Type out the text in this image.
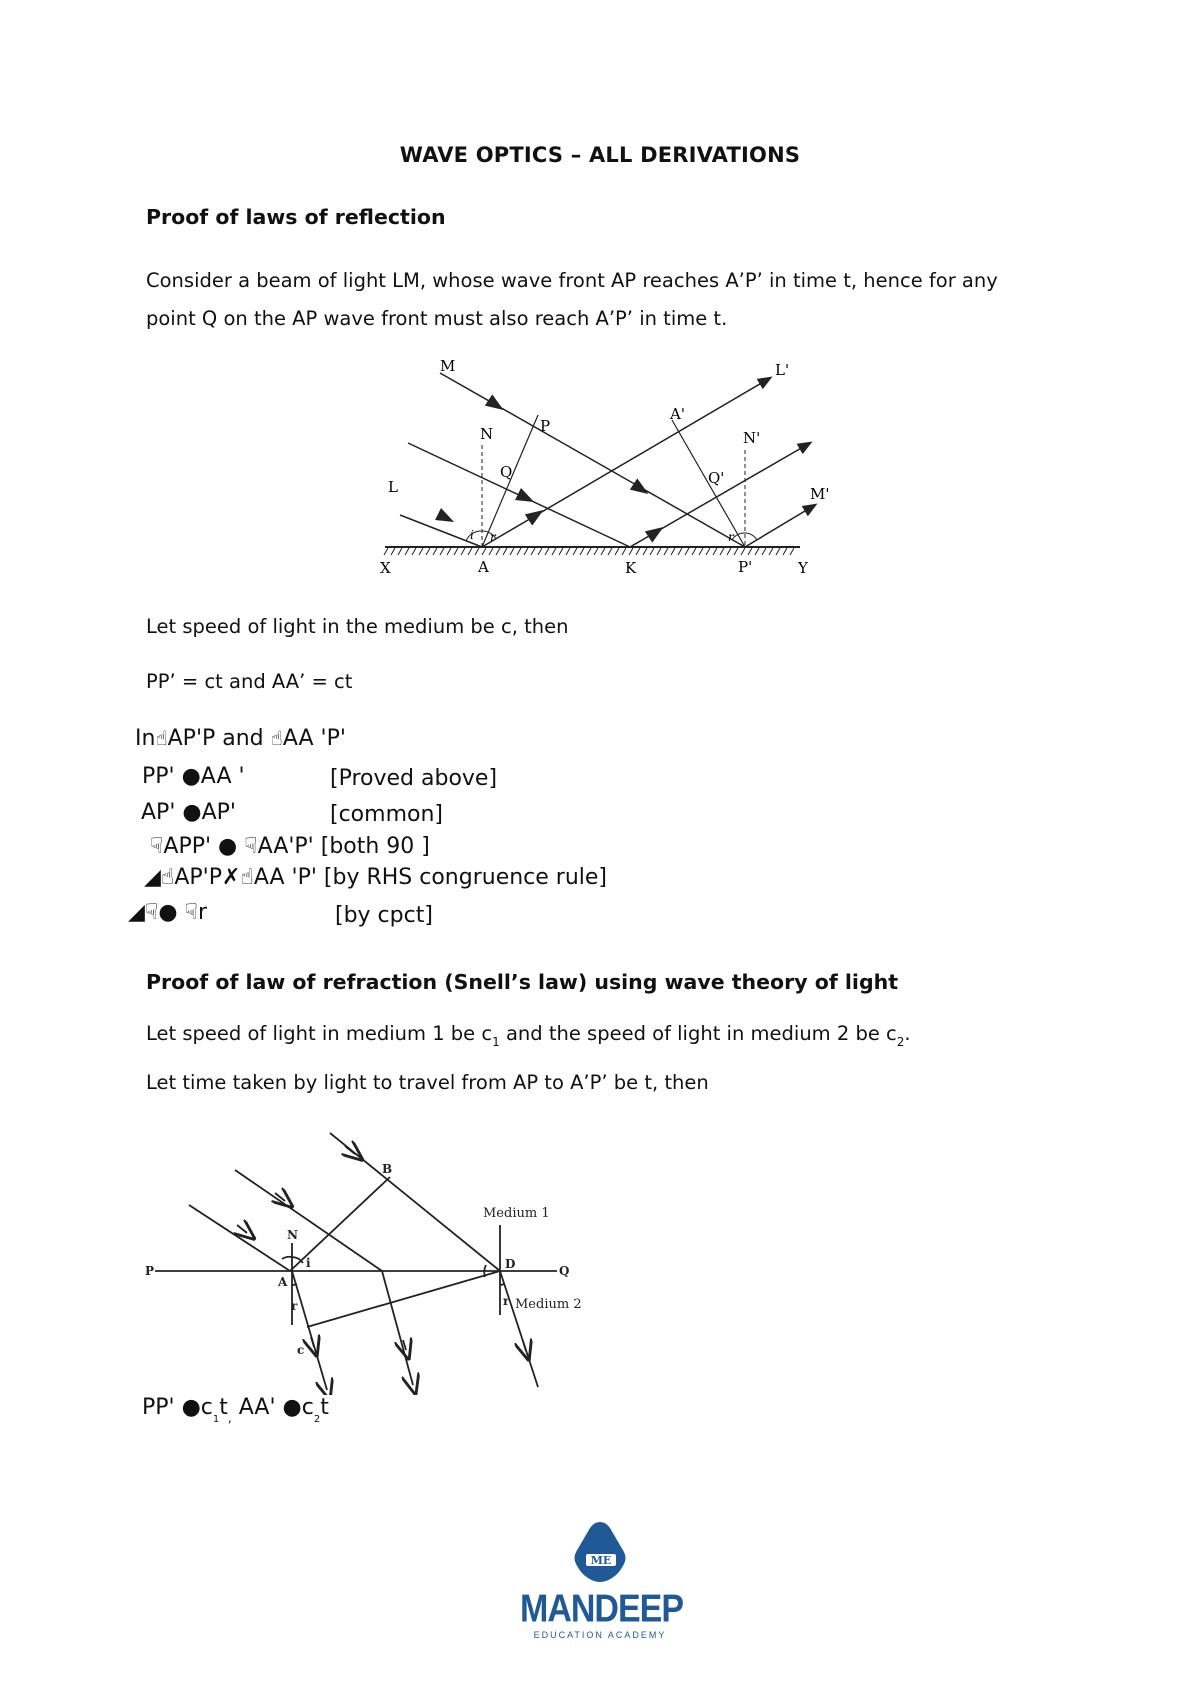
WAVE OPTICS – ALL DERIVATIONS
Proof of laws of reflection
Consider a beam of light LM, whose wave front AP reaches A’P’ in time t, hence for any
point Q on the AP wave front must also reach A’P’ in time t.
M
L
L'
M'
N	N'
P
Q
A'
Q'
X	A	K	P'	Y
i r	r
Let speed of light in the medium be c, then
PP’ = ct and AA’ = ct
In☝AP'P and ☝AA 'P'
PP' ●AA '	[Proved above]
AP' ●AP'	[common]
☟APP' ● ☟AA'P' [both 90 ]
◢☝AP'P✗☝AA 'P' [by RHS congruence rule]
◢☟● ☟r	[by cpct]
Proof of law of refraction (Snell’s law) using wave theory of light
Let speed of light in medium 1 be $c_1$ and the speed of light in medium 2 be $c_2$.
Let time taken by light to travel from AP to A’P’ be t, then
B
N
P
A
D	Q
i
r	r
c
Medium 1
Medium 2
PP' $●c_1t_,$ AA' $●c_2t$
ME
MANDEEP
EDUCATION ACADEMY
